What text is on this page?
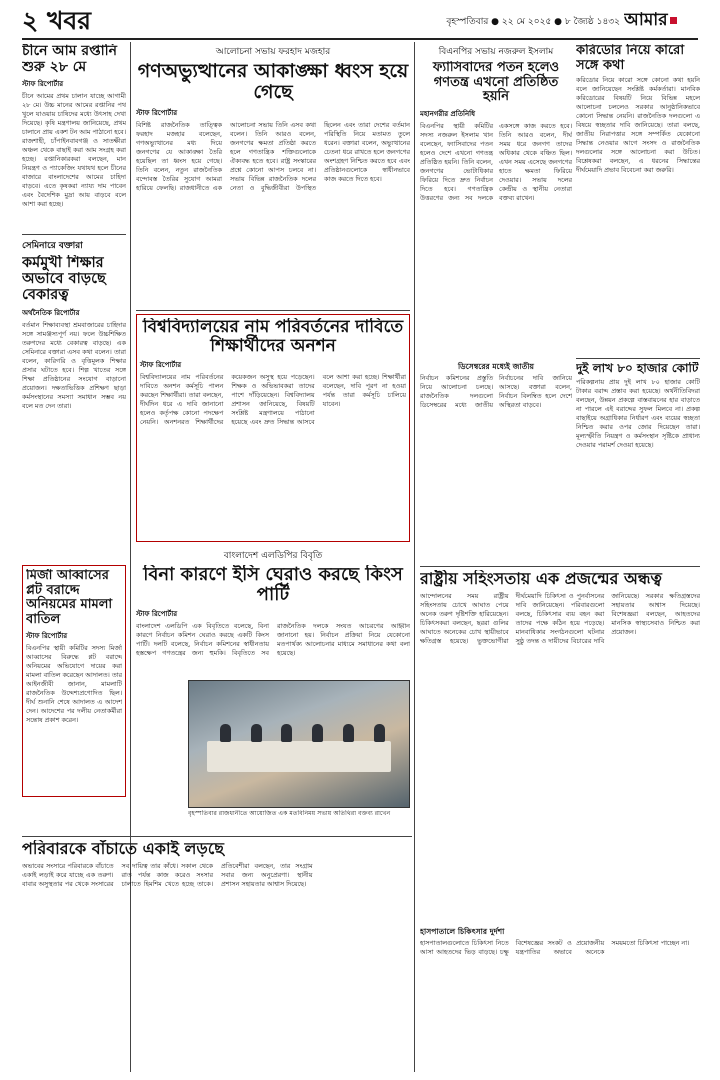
২ খবর	বৃহস্পতিবার ● ২২ মে ২০২৫ ● ৮ জ্যৈষ্ঠ ১৪৩২ আমার
চীনে আম রপ্তানি শুরু ২৮ মে
স্টাফ রিপোর্টার
চীনে আমের প্রথম চালান যাচ্ছে আগামী ২৮ মে। উচ্চ মানের আমের রপ্তানির পথ খুলে যাওয়ায় চাষিদের মধ্যে উৎসাহ দেখা দিয়েছে। কৃষি মন্ত্রণালয় জানিয়েছে, প্রথম চালানে প্রায় একশ টন আম পাঠানো হবে। রাজশাহী, চাঁপাইনবাবগঞ্জ ও সাতক্ষীরা অঞ্চল থেকে বাছাই করা আম সংগ্রহ করা হচ্ছে। রপ্তানিকারকরা বলছেন, মান নিয়ন্ত্রণ ও প্যাকেজিং যথাযথ হলে চীনের বাজারে বাংলাদেশের আমের চাহিদা বাড়বে। এতে কৃষকরা ন্যায্য দাম পাবেন এবং বৈদেশিক মুদ্রা আয় বাড়বে বলে আশা করা হচ্ছে।
সেমিনারে বক্তারা
কর্মমুখী শিক্ষার অভাবে বাড়ছে বেকারত্ব
অর্থনৈতিক রিপোর্টার
বর্তমান শিক্ষাব্যবস্থা শ্রমবাজারের চাহিদার সঙ্গে সামঞ্জস্যপূর্ণ নয়। ফলে উচ্চশিক্ষিত তরুণদের মধ্যে বেকারত্ব বাড়ছে। এক সেমিনারে বক্তারা এসব কথা বলেন। তারা বলেন, কারিগরি ও বৃত্তিমূলক শিক্ষার প্রসার ঘটাতে হবে। শিল্প খাতের সঙ্গে শিক্ষা প্রতিষ্ঠানের সংযোগ বাড়ানো প্রয়োজন। দক্ষতাভিত্তিক প্রশিক্ষণ ছাড়া কর্মসংস্থানের সমস্যা সমাধান সম্ভব নয় বলে মত দেন তারা।
মির্জা আব্বাসের প্লট বরাদ্দে অনিয়মের মামলা বাতিল
স্টাফ রিপোর্টার
বিএনপির স্থায়ী কমিটির সদস্য মির্জা আব্বাসের বিরুদ্ধে প্লট বরাদ্দে অনিয়মের অভিযোগে দায়ের করা মামলা বাতিল করেছেন আদালত। তার আইনজীবী জানান, মামলাটি রাজনৈতিক উদ্দেশ্যপ্রণোদিত ছিল। দীর্ঘ শুনানি শেষে আদালত এ আদেশ দেন। আদেশের পর দলীয় নেতাকর্মীরা সন্তোষ প্রকাশ করেন।
পরিবারকে বাঁচাতে একাই লড়ছে
অভাবের সংসারে পরিবারকে বাঁচাতে একাই লড়াই করে যাচ্ছে এক তরুণ। বাবার অসুস্থতার পর থেকে সংসারের সব দায়িত্ব তার কাঁধে। সকাল থেকে রাত পর্যন্ত কাজ করেও সংসার চালাতে হিমশিম খেতে হচ্ছে তাকে। প্রতিবেশীরা বলছেন, তার সংগ্রাম সবার জন্য অনুপ্রেরণা। স্থানীয় প্রশাসন সহায়তার আশ্বাস দিয়েছে।
আলোচনা সভায় ফরহাদ মজহার
গণঅভ্যুত্থানের আকাঙ্ক্ষা ধ্বংস হয়ে গেছে
স্টাফ রিপোর্টার
বিশিষ্ট রাজনৈতিক তাত্ত্বিক ফরহাদ মজহার বলেছেন, গণঅভ্যুত্থানের মধ্য দিয়ে জনগণের যে আকাঙ্ক্ষা তৈরি হয়েছিল তা ধ্বংস হয়ে গেছে। তিনি বলেন, নতুন রাজনৈতিক বন্দোবস্ত তৈরির সুযোগ আমরা হারিয়ে ফেলছি। রাজধানীতে এক আলোচনা সভায় তিনি এসব কথা বলেন। তিনি আরও বলেন, জনগণের ক্ষমতা প্রতিষ্ঠা করতে হলে গণতান্ত্রিক শক্তিগুলোকে ঐক্যবদ্ধ হতে হবে। রাষ্ট্র সংস্কারের প্রশ্নে কোনো আপস চলবে না। সভায় বিভিন্ন রাজনৈতিক দলের নেতা ও বুদ্ধিজীবীরা উপস্থিত ছিলেন এবং তারা দেশের বর্তমান পরিস্থিতি নিয়ে মতামত তুলে ধরেন। বক্তারা বলেন, অভ্যুত্থানের চেতনা ধরে রাখতে হলে জনগণের অংশগ্রহণ নিশ্চিত করতে হবে এবং প্রতিষ্ঠানগুলোকে স্বাধীনভাবে কাজ করতে দিতে হবে।
বিশ্ববিদ্যালয়ের নাম পরিবর্তনের দাবিতে শিক্ষার্থীদের অনশন
স্টাফ রিপোর্টার
বিশ্ববিদ্যালয়ের নাম পরিবর্তনের দাবিতে অনশন কর্মসূচি পালন করছেন শিক্ষার্থীরা। তারা বলছেন, দীর্ঘদিন ধরে এ দাবি জানানো হলেও কর্তৃপক্ষ কোনো পদক্ষেপ নেয়নি। অনশনরত শিক্ষার্থীদের কয়েকজন অসুস্থ হয়ে পড়েছেন। শিক্ষক ও অভিভাবকরা তাদের পাশে দাঁড়িয়েছেন। বিশ্ববিদ্যালয় প্রশাসন জানিয়েছে, বিষয়টি সংশ্লিষ্ট মন্ত্রণালয়ে পাঠানো হয়েছে এবং দ্রুত সিদ্ধান্ত আসবে বলে আশা করা হচ্ছে। শিক্ষার্থীরা বলেছেন, দাবি পূরণ না হওয়া পর্যন্ত তারা কর্মসূচি চালিয়ে যাবেন।
বাংলাদেশ এলডিপির বিবৃতি
বিনা কারণে ইসি ঘেরাও করছে কিংস পার্টি
স্টাফ রিপোর্টার
বাংলাদেশ এলডিপি এক বিবৃতিতে বলেছে, বিনা কারণে নির্বাচন কমিশন ঘেরাও করছে একটি কিংস পার্টি। দলটি বলেছে, নির্বাচন কমিশনের স্বাধীনতায় হস্তক্ষেপ গণতন্ত্রের জন্য হুমকি। বিবৃতিতে সব রাজনৈতিক দলকে সংযত আচরণের আহ্বান জানানো হয়। নির্বাচন প্রক্রিয়া নিয়ে যেকোনো মতপার্থক্য আলোচনার মাধ্যমে সমাধানের কথা বলা হয়েছে।
বৃহস্পতিবার রাজধানীতে আয়োজিত এক মতবিনিময় সভায় অতিথিরা বক্তব্য রাখেন
বিএনপির সভায় নজরুল ইসলাম
ফ্যাসিবাদের পতন হলেও গণতন্ত্র এখনো প্রতিষ্ঠিত হয়নি
মহানগরীর প্রতিনিধি
বিএনপির স্থায়ী কমিটির সদস্য নজরুল ইসলাম খান বলেছেন, ফ্যাসিবাদের পতন হলেও দেশে এখনো গণতন্ত্র প্রতিষ্ঠিত হয়নি। তিনি বলেন, জনগণের ভোটাধিকার ফিরিয়ে দিতে দ্রুত নির্বাচন দিতে হবে। গণতান্ত্রিক উত্তরণের জন্য সব দলকে একসঙ্গে কাজ করতে হবে। তিনি আরও বলেন, দীর্ঘ সময় ধরে জনগণ তাদের অধিকার থেকে বঞ্চিত ছিল। এখন সময় এসেছে জনগণের হাতে ক্ষমতা ফিরিয়ে দেওয়ার। সভায় দলের কেন্দ্রীয় ও স্থানীয় নেতারা বক্তব্য রাখেন।
ডিসেম্বরের মধ্যেই জাতীয়
নির্বাচন কমিশনের প্রস্তুতি নিয়ে আলোচনা চলছে। রাজনৈতিক দলগুলো ডিসেম্বরের মধ্যে জাতীয় নির্বাচনের দাবি জানিয়ে আসছে। বক্তারা বলেন, নির্বাচন বিলম্বিত হলে দেশে অস্থিরতা বাড়বে।
করিডোর নিয়ে কারো সঙ্গে কথা
করিডোর নিয়ে কারো সঙ্গে কোনো কথা হয়নি বলে জানিয়েছেন সংশ্লিষ্ট কর্মকর্তারা। মানবিক করিডোরের বিষয়টি নিয়ে বিভিন্ন মহলে আলোচনা চললেও সরকার আনুষ্ঠানিকভাবে কোনো সিদ্ধান্ত নেয়নি। রাজনৈতিক দলগুলো এ বিষয়ে স্বচ্ছতার দাবি জানিয়েছে। তারা বলছে, জাতীয় নিরাপত্তার সঙ্গে সম্পর্কিত যেকোনো সিদ্ধান্ত নেওয়ার আগে সংসদ ও রাজনৈতিক দলগুলোর সঙ্গে আলোচনা করা উচিত। বিশ্লেষকরা বলছেন, এ ধরনের সিদ্ধান্তের দীর্ঘমেয়াদি প্রভাব বিবেচনা করা জরুরি।
দুই লাখ ৮০ হাজার কোটি
পরিকল্পনায় প্রায় দুই লাখ ৮০ হাজার কোটি টাকার বরাদ্দ প্রস্তাব করা হয়েছে। অর্থনীতিবিদরা বলছেন, উন্নয়ন প্রকল্পে বাস্তবায়নের হার বাড়াতে না পারলে এই বরাদ্দের সুফল মিলবে না। প্রকল্প বাছাইয়ে অগ্রাধিকার নির্ধারণ এবং ব্যয়ের স্বচ্ছতা নিশ্চিত করার ওপর জোর দিয়েছেন তারা। মূল্যস্ফীতি নিয়ন্ত্রণ ও কর্মসংস্থান সৃষ্টিকে প্রাধান্য দেওয়ার পরামর্শ দেওয়া হয়েছে।
রাষ্ট্রীয় সহিংসতায় এক প্রজন্মের অন্ধত্ব
আন্দোলনের সময় রাষ্ট্রীয় সহিংসতায় চোখে আঘাত পেয়ে অনেক তরুণ দৃষ্টিশক্তি হারিয়েছেন। চিকিৎসকরা বলছেন, ছররা গুলির আঘাতে অনেকের চোখ স্থায়ীভাবে ক্ষতিগ্রস্ত হয়েছে। ভুক্তভোগীরা দীর্ঘমেয়াদি চিকিৎসা ও পুনর্বাসনের দাবি জানিয়েছেন। পরিবারগুলো বলছে, চিকিৎসার ব্যয় বহন করা তাদের পক্ষে কঠিন হয়ে পড়েছে। মানবাধিকার সংগঠনগুলো ঘটনার সুষ্ঠু তদন্ত ও দায়ীদের বিচারের দাবি জানিয়েছে। সরকার ক্ষতিগ্রস্তদের সহায়তার আশ্বাস দিয়েছে। বিশেষজ্ঞরা বলছেন, আহতদের মানসিক স্বাস্থ্যসেবাও নিশ্চিত করা প্রয়োজন।
হাসপাতালে চিকিৎসার দুর্দশা
হাসপাতালগুলোতে চিকিৎসা নিতে আসা আহতদের ভিড় বাড়ছে। চক্ষু বিশেষজ্ঞের সংকট ও প্রয়োজনীয় যন্ত্রপাতির অভাবে অনেকে সময়মতো চিকিৎসা পাচ্ছেন না।
